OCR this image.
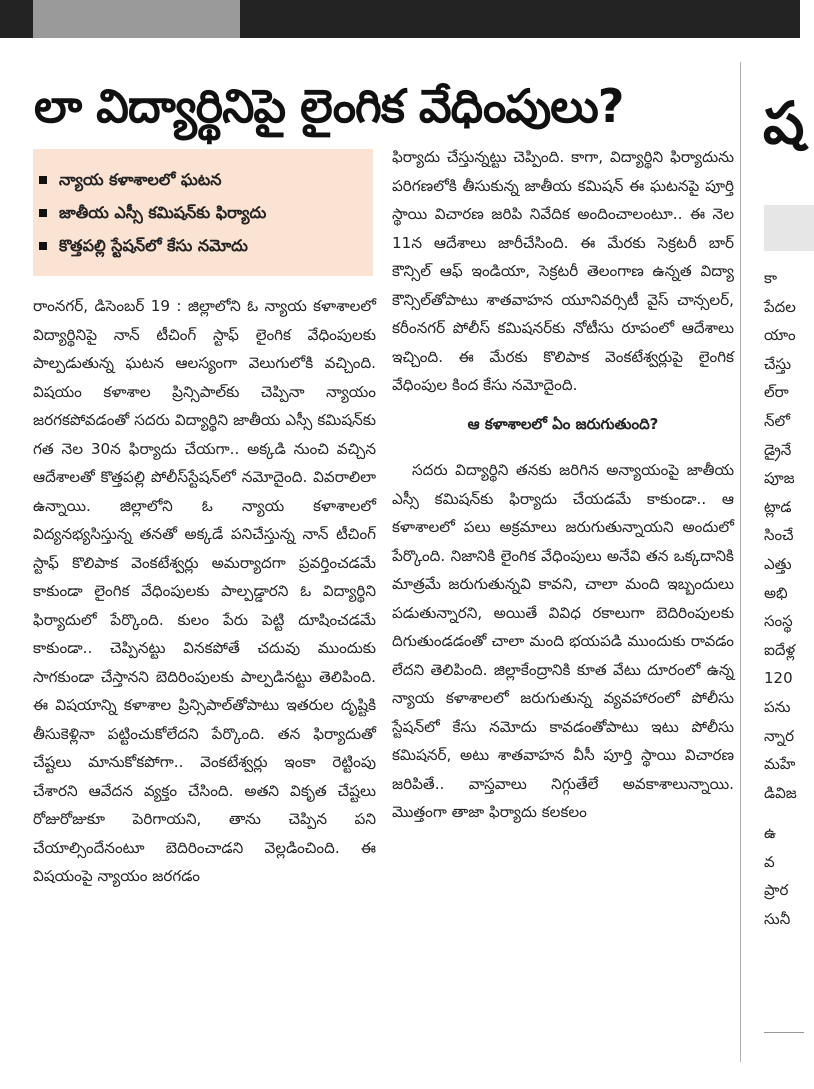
లా విద్యార్థినిపై లైంగిక వేధింపులు?	ష
న్యాయ కళాశాలలో ఘటన
జాతీయ ఎస్సీ కమిషన్‌కు ఫిర్యాదు
కొత్తపల్లి స్టేషన్‌లో కేసు నమోదు

రాంనగర్, డిసెంబర్ 19 : జిల్లాలోని ఓ న్యాయ కళాశాలలో విద్యార్థినిపై నాన్ టీచింగ్ స్టాఫ్ లైంగిక వేధింపులకు పాల్పడుతున్న ఘటన ఆలస్యంగా వెలుగులోకి వచ్చింది. విషయం కళాశాల ప్రిన్సిపాల్‌కు చెప్పినా న్యాయం జరగకపోవడంతో సదరు విద్యార్థిని జాతీయ ఎస్సీ కమిషన్‌కు గత నెల 30న ఫిర్యాదు చేయగా.. అక్కడి నుంచి వచ్చిన ఆదేశాలతో కొత్తపల్లి పోలీస్‌స్టేషన్‌లో నమోదైంది. వివరాలిలా ఉన్నాయి. జిల్లాలోని ఓ న్యాయ కళాశాలలో విద్యనభ్యసిస్తున్న తనతో అక్కడే పనిచేస్తున్న నాన్ టీచింగ్ స్టాఫ్ కొలిపాక వెంకటేశ్వర్లు అమర్యాదగా ప్రవర్తించడమే కాకుండా లైంగిక వేధింపులకు పాల్పడ్డారని ఓ విద్యార్థిని ఫిర్యాదులో పేర్కొంది. కులం పేరు పెట్టి దూషించడమే కాకుండా.. చెప్పినట్టు వినకపోతే చదువు ముందుకు సాగకుండా చేస్తానని బెదిరింపులకు పాల్పడినట్టు తెలిపింది. ఈ విషయాన్ని కళాశాల ప్రిన్సిపాల్‌తోపాటు ఇతరుల దృష్టికి తీసుకెళ్లినా పట్టించుకోలేదని పేర్కొంది. తన ఫిర్యాదుతో చేష్టలు మానుకోకపోగా.. వెంకటేశ్వర్లు ఇంకా రెట్టింపు చేశారని ఆవేదన వ్యక్తం చేసింది. అతని వికృత చేష్టలు రోజురోజుకూ పెరిగాయని, తాను చెప్పిన పని చేయాల్సిందేనంటూ బెదిరించాడని వెల్లడించింది. ఈ విషయంపై న్యాయం జరగడం

ఫిర్యాదు చేస్తున్నట్టు చెప్పింది. కాగా, విద్యార్థిని ఫిర్యాదును పరిగణలోకి తీసుకున్న జాతీయ కమిషన్ ఈ ఘటనపై పూర్తి స్థాయి విచారణ జరిపి నివేదిక అందించాలంటూ.. ఈ నెల 11న ఆదేశాలు జారీచేసింది. ఈ మేరకు సెక్రటరీ బార్ కౌన్సిల్ ఆఫ్ ఇండియా, సెక్రటరీ తెలంగాణ ఉన్నత విద్యా కౌన్సిల్‌తోపాటు శాతవాహన యూనివర్సిటీ వైస్ చాన్సలర్, కరీంనగర్ పోలీస్ కమిషనర్‌కు నోటీసు రూపంలో ఆదేశాలు ఇచ్చింది. ఈ మేరకు కొలిపాక వెంకటేశ్వర్లుపై లైంగిక వేధింపుల కింద కేసు నమోదైంది.

ఆ కళాశాలలో ఏం జరుగుతుంది?

సదరు విద్యార్థిని తనకు జరిగిన అన్యాయంపై జాతీయ ఎస్సీ కమిషన్‌కు ఫిర్యాదు చేయడమే కాకుండా.. ఆ కళాశాలలో పలు అక్రమాలు జరుగుతున్నాయని అందులో పేర్కొంది. నిజానికి లైంగిక వేధింపులు అనేవి తన ఒక్కదానికి మాత్రమే జరుగుతున్నవి కావని, చాలా మంది ఇబ్బందులు పడుతున్నారని, అయితే వివిధ రకాలుగా బెదిరింపులకు దిగుతుండడంతో చాలా మంది భయపడి ముందుకు రావడం లేదని తెలిపింది. జిల్లాకేంద్రానికి కూత వేటు దూరంలో ఉన్న న్యాయ కళాశాలలో జరుగుతున్న వ్యవహారంలో పోలీసు స్టేషన్‌లో కేసు నమోదు కావడంతోపాటు ఇటు పోలీసు కమిషనర్, అటు శాతవాహన వీసీ పూర్తి స్థాయి విచారణ జరిపితే.. వాస్తవాలు నిగ్గుతేలే అవకాశాలున్నాయి. మొత్తంగా తాజా ఫిర్యాదు కలకలం

కా
పేదల
యాం
చేస్తు
ల్‌రా
న్‌లో
డ్రైనే
పూజ
ట్లాడ
సించే
ఎత్తు
అభి
సంస్థ
ఐదేళ్ల
120
పను
న్నార
మహే
డివిజ
ఉ
వ
ప్రార
సునీ
